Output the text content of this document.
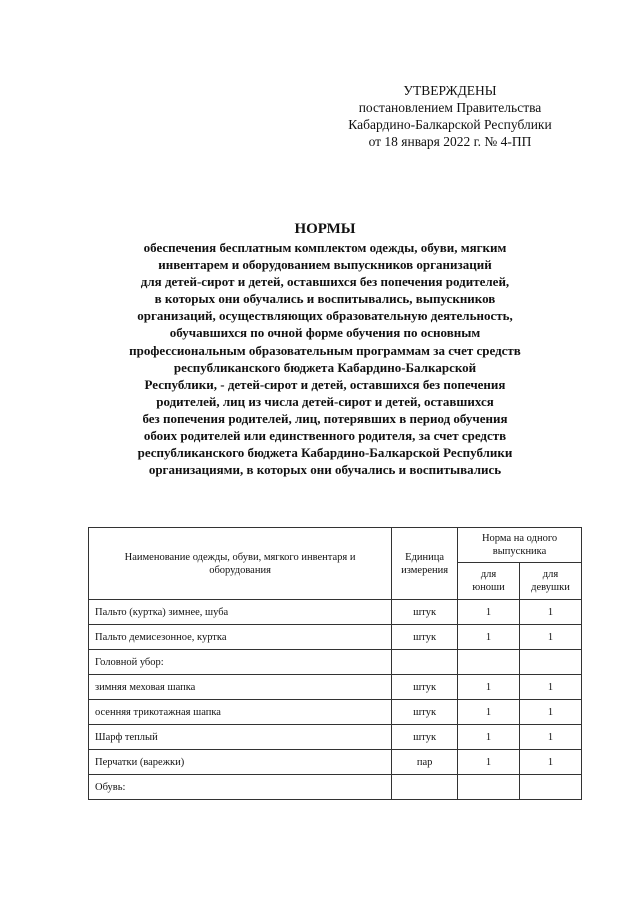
УТВЕРЖДЕНЫ
постановлением Правительства
Кабардино-Балкарской Республики
от 18 января 2022 г. № 4-ПП
НОРМЫ
обеспечения бесплатным комплектом одежды, обуви, мягким
инвентарем и оборудованием выпускников организаций
для детей-сирот и детей, оставшихся без попечения родителей,
в которых они обучались и воспитывались, выпускников
организаций, осуществляющих образовательную деятельность,
обучавшихся по очной форме обучения по основным
профессиональным образовательным программам за счет средств
республиканского бюджета Кабардино-Балкарской
Республики, - детей-сирот и детей, оставшихся без попечения
родителей, лиц из числа детей-сирот и детей, оставшихся
без попечения родителей, лиц, потерявших в период обучения
обоих родителей или единственного родителя, за счет средств
республиканского бюджета Кабардино-Балкарской Республики
организациями, в которых они обучались и воспитывались
Наименование одежды, обуви, мягкого инвентаря и оборудования	Единица измерения	Норма на одного выпускника	
		для юноши	для девушки
Пальто (куртка) зимнее, шуба	штук	1	1
Пальто демисезонное, куртка	штук	1	1
Головной убор:			
зимняя меховая шапка	штук	1	1
осенняя трикотажная шапка	штук	1	1
Шарф теплый	штук	1	1
Перчатки (варежки)	пар	1	1
Обувь:			
